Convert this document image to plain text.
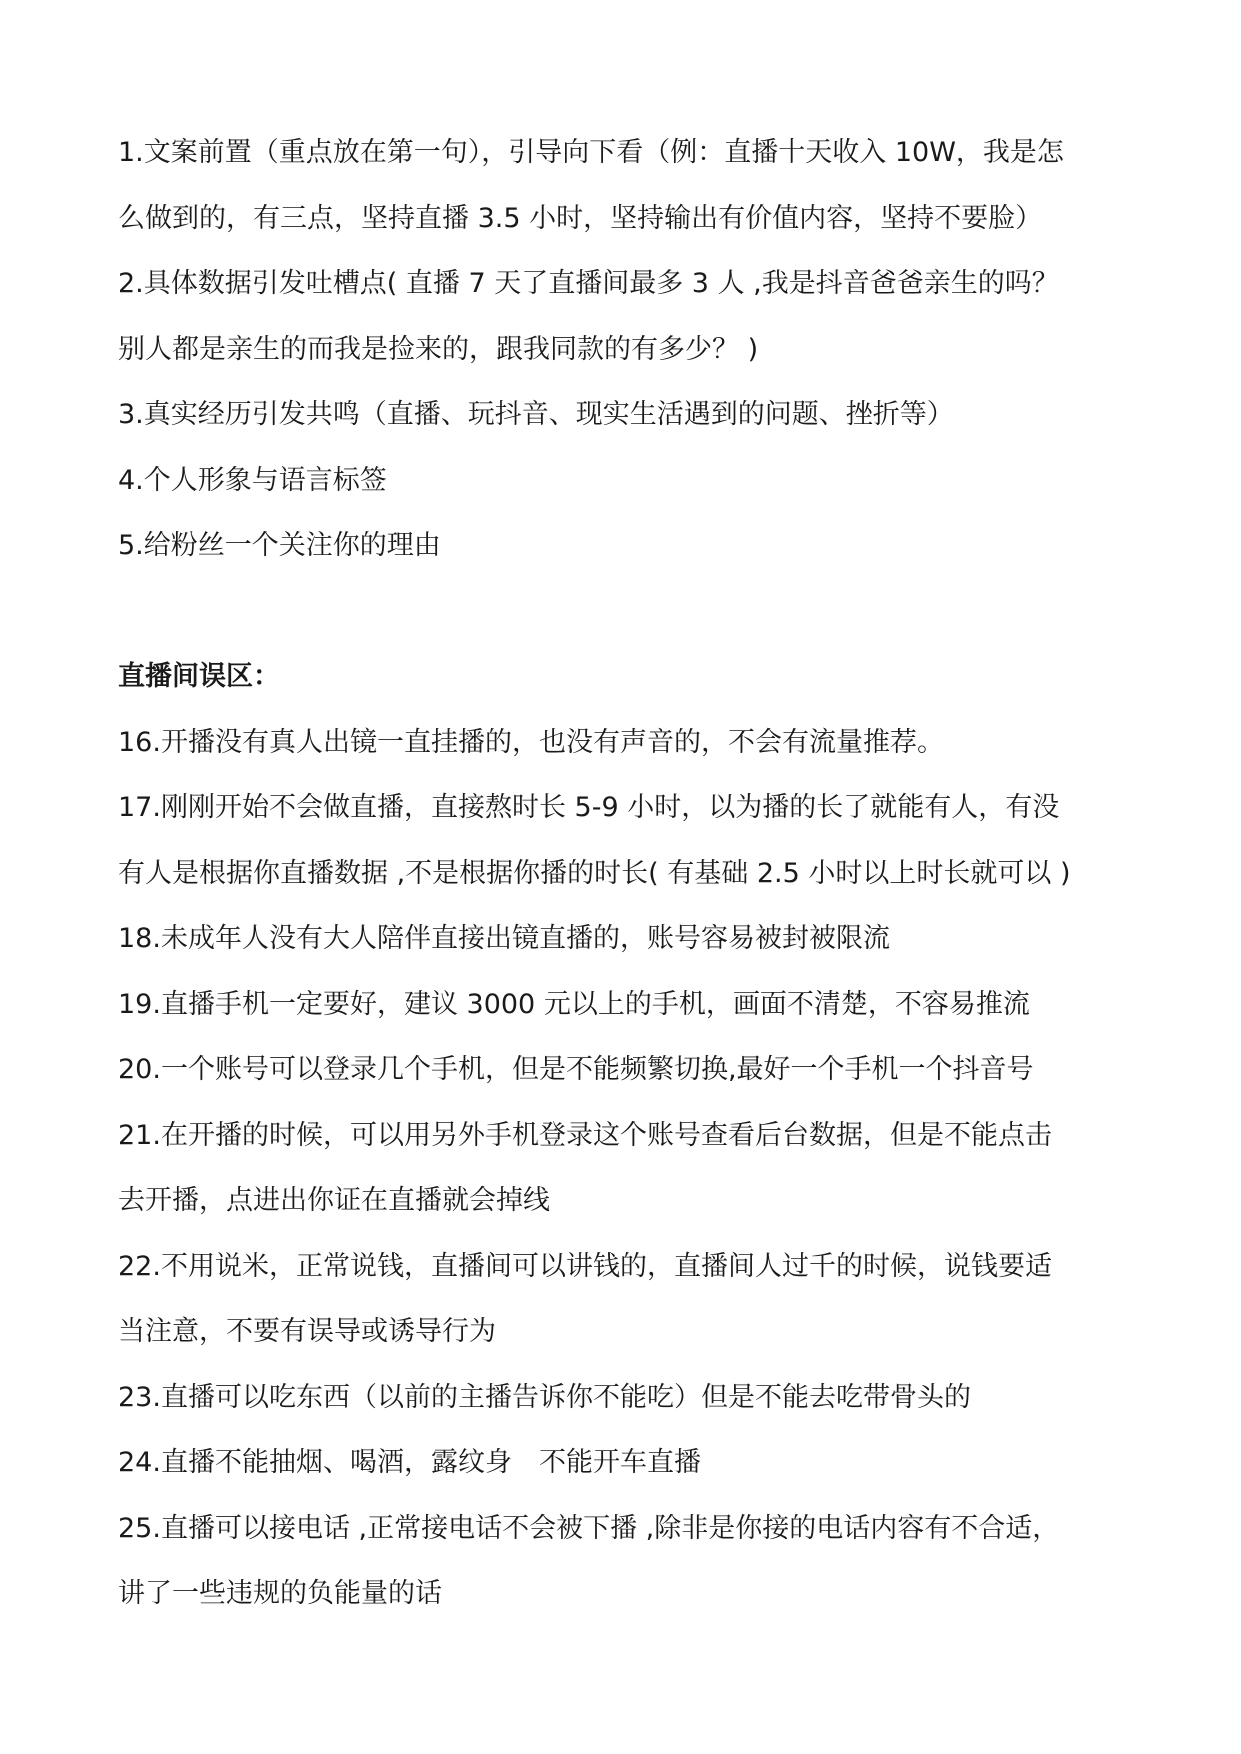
1.文案前置（重点放在第一句），引导向下看（例：直播十天收入 10W，我是怎
么做到的，有三点，坚持直播 3.5 小时，坚持输出有价值内容，坚持不要脸）
2.具体数据引发吐槽点( 直播 7 天了直播间最多 3 人 ,我是抖音爸爸亲生的吗？
别人都是亲生的而我是捡来的，跟我同款的有多少？ )
3.真实经历引发共鸣（直播、玩抖音、现实生活遇到的问题、挫折等）
4.个人形象与语言标签
5.给粉丝一个关注你的理由
直播间误区：
16.开播没有真人出镜一直挂播的，也没有声音的，不会有流量推荐。
17.刚刚开始不会做直播，直接熬时长 5-9 小时，以为播的长了就能有人，有没
有人是根据你直播数据 ,不是根据你播的时长( 有基础 2.5 小时以上时长就可以 )
18.未成年人没有大人陪伴直接出镜直播的，账号容易被封被限流
19.直播手机一定要好，建议 3000 元以上的手机，画面不清楚，不容易推流
20.一个账号可以登录几个手机，但是不能频繁切换,最好一个手机一个抖音号
21.在开播的时候，可以用另外手机登录这个账号查看后台数据，但是不能点击
去开播，点进出你证在直播就会掉线
22.不用说米，正常说钱，直播间可以讲钱的，直播间人过千的时候，说钱要适
当注意，不要有误导或诱导行为
23.直播可以吃东西（以前的主播告诉你不能吃）但是不能去吃带骨头的
24.直播不能抽烟、喝酒，露纹身　不能开车直播
25.直播可以接电话 ,正常接电话不会被下播 ,除非是你接的电话内容有不合适，
讲了一些违规的负能量的话
